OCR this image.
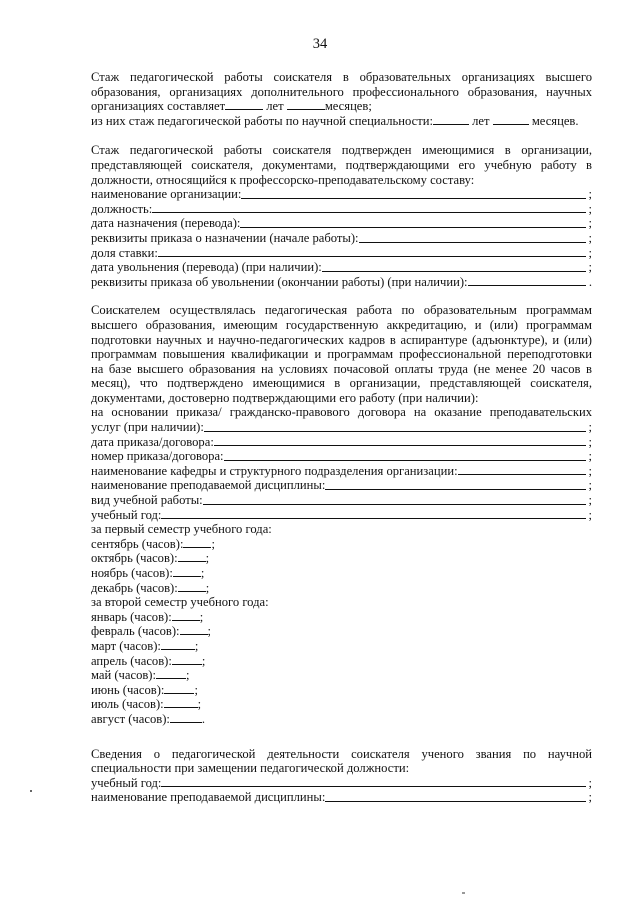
34

Стаж педагогической работы соискателя в образовательных организациях высшего

образования, организациях дополнительного профессионального образования, научных

организациях составляет	лет	месяцев;

из них стаж педагогической работы по научной специальности:	лет	месяцев.

Стаж педагогической работы соискателя подтвержден имеющимися в организации,

представляющей соискателя, документами, подтверждающими его учебную работу в

должности, относящийся к профессорско-преподавательскому составу:

наименование организации:	;
должность:	;
дата назначения (перевода):	;
реквизиты приказа о назначении (начале работы):	;
доля ставки:	;
дата увольнения (перевода) (при наличии):	;
реквизиты приказа об увольнении (окончании работы) (при наличии):	.

Соискателем осуществлялась педагогическая работа по образовательным программам

высшего образования, имеющим государственную аккредитацию, и (или) программам

подготовки научных и научно-педагогических кадров в аспирантуре (адъюнктуре), и (или)

программам повышения квалификации и программам профессиональной переподготовки

на базе высшего образования на условиях почасовой оплаты труда (не менее 20 часов в

месяц), что подтверждено имеющимися в организации, представляющей соискателя,

документами, достоверно подтверждающими его работу (при наличии):

на основании приказа/ гражданско-правового договора на оказание преподавательских

услуг (при наличии):	;
дата приказа/договора:	;
номер приказа/договора:	;
наименование кафедры и структурного подразделения организации:	;
наименование преподаваемой дисциплины:	;
вид учебной работы:	;
учебный год:	;

за первый семестр учебного года:

сентябрь (часов): ;

октябрь (часов): ;

ноябрь (часов): ;

декабрь (часов): ;

за второй семестр учебного года:

январь (часов): ;

февраль (часов): ;

март (часов):	;

апрель (часов): ;

май (часов): ;

июнь (часов): ;

июль (часов):	;

август (часов):	.

Сведения о педагогической деятельности соискателя ученого звания по научной

специальности при замещении педагогической должности:

учебный год:	;
наименование преподаваемой дисциплины:	;
